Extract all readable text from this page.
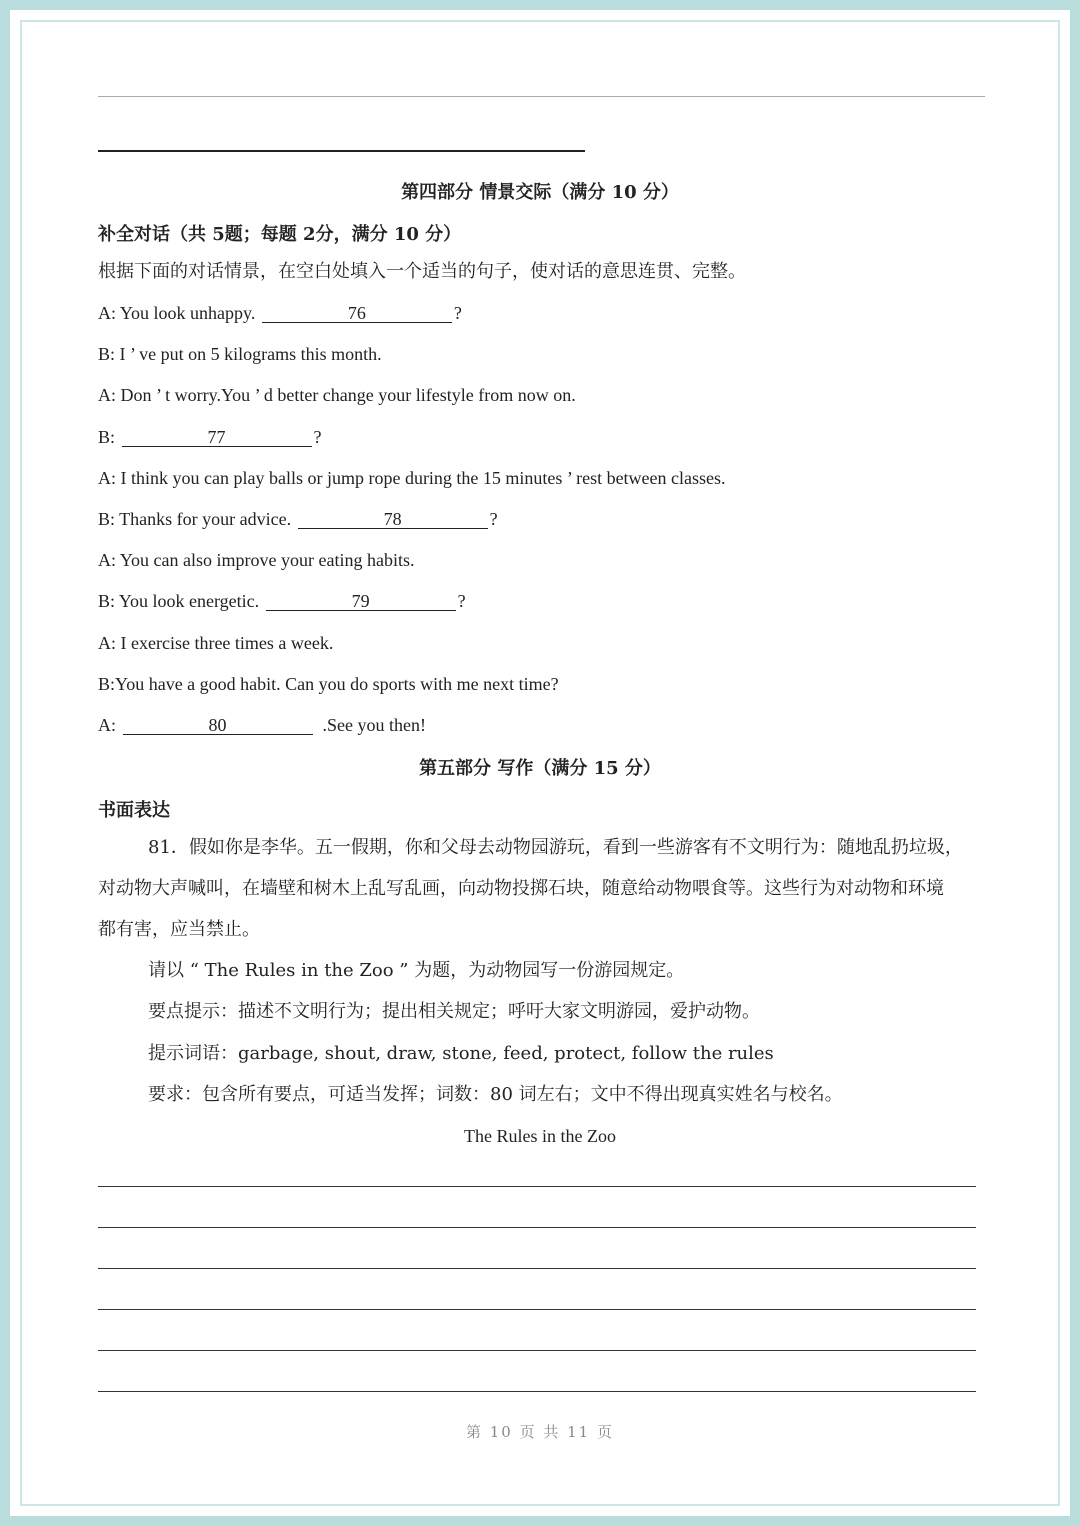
第四部分 情景交际（满分 10 分）
补全对话（共 5题；每题 2分，满分 10 分）
根据下面的对话情景，在空白处填入一个适当的句子，使对话的意思连贯、完整。
A: You look unhappy.	76	?
B: I ’ ve put on 5 kilograms this month.
A: Don ’ t worry.You ’ d better change your lifestyle from now on.
B:	77	?
A: I think you can play balls or jump rope during the 15 minutes ’ rest between classes.
B: Thanks for your advice.	78	?
A: You can also improve your eating habits.
B: You look energetic.	79	?
A: I exercise three times a week.
B:You have a good habit. Can you do sports with me next time?
A:	80	.See you then!
第五部分 写作（满分 15 分）
书面表达
81．假如你是李华。五一假期，你和父母去动物园游玩，看到一些游客有不文明行为：随地乱扔垃圾，
对动物大声喊叫，在墙壁和树木上乱写乱画，向动物投掷石块，随意给动物喂食等。这些行为对动物和环境
都有害，应当禁止。
请以 “ The Rules in the Zoo ” 为题，为动物园写一份游园规定。
要点提示：描述不文明行为；提出相关规定；呼吁大家文明游园，爱护动物。
提示词语：garbage, shout, draw, stone, feed, protect, follow the rules
要求：包含所有要点，可适当发挥；词数：80 词左右；文中不得出现真实姓名与校名。
The Rules in the Zoo
第 10 页 共 11 页
